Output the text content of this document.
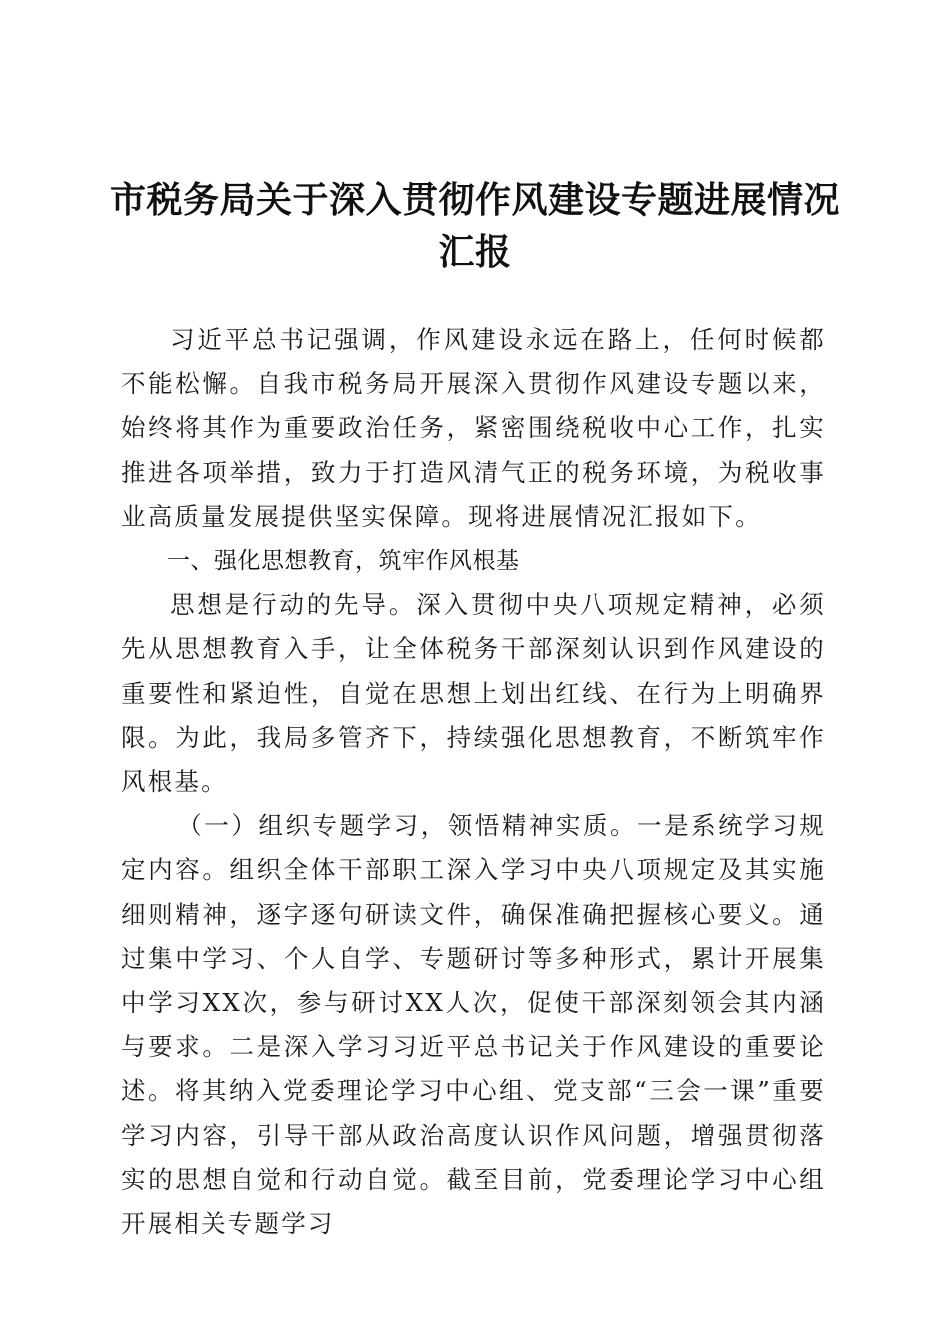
市税务局关于深入贯彻作风建设专题进展情况汇报

习近平总书记强调，作风建设永远在路上，任何时候都不能松懈。自我市税务局开展深入贯彻作风建设专题以来，始终将其作为重要政治任务，紧密围绕税收中心工作，扎实推进各项举措，致力于打造风清气正的税务环境，为税收事业高质量发展提供坚实保障。现将进展情况汇报如下。

一、强化思想教育，筑牢作风根基

思想是行动的先导。深入贯彻中央八项规定精神，必须先从思想教育入手，让全体税务干部深刻认识到作风建设的重要性和紧迫性，自觉在思想上划出红线、在行为上明确界限。为此，我局多管齐下，持续强化思想教育，不断筑牢作风根基。

（一）组织专题学习，领悟精神实质。一是系统学习规定内容。组织全体干部职工深入学习中央八项规定及其实施细则精神，逐字逐句研读文件，确保准确把握核心要义。通过集中学习、个人自学、专题研讨等多种形式，累计开展集中学习XX次，参与研讨XX人次，促使干部深刻领会其内涵与要求。二是深入学习习近平总书记关于作风建设的重要论述。将其纳入党委理论学习中心组、党支部“三会一课”重要学习内容，引导干部从政治高度认识作风问题，增强贯彻落实的思想自觉和行动自觉。截至目前，党委理论学习中心组开展相关专题学习
